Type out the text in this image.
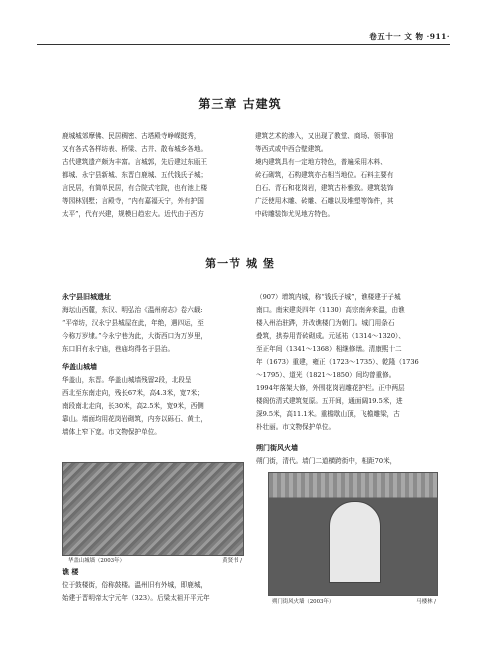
卷五十一 文 物 ·911·
第三章 古建筑
鹿城城郊摩佛、民居稠密、古塔殿寺峥嵘挺秀，
又有各式各样坊表、桥梁、古井、散布城乡各地。
古代建筑遗产颇为丰富。言城郭，先后建过东瓯王
都城、永宁县新城、东晋白鹿城、五代钱氏子城；
言民居，有简单民居，有合院式宅院，也有池上楼
等园林别墅；言殿寺，“内有嘉福天宁，外有护国
太平”，代有兴建，规模日趋宏大。近代由于西方
建筑艺术的渗入，又出现了教堂、商场、领事馆
等西式或中西合壁建筑。
境内建筑具有一定地方特色，普遍采用木料、
砖石砌筑，石构建筑亦占相当地位。石料主要有
白石、青石和花岗岩，建筑古朴雅致。建筑装饰
广泛使用木雕、砖雕、石雕以及堆塑等饰件，其
中砖雕装饰尤见地方特色。
第一节 城 堡
永宁县旧城遗址
海坛山西麓，东汉、明弘治《温州府志》卷六载:
“平帝坊，汉永宁县城屋在此，年绝，遇四运，至
今称万岁埭。”今永宁巷为此，大街西口为万岁里，
东口旧有永宁庙，巷庙均得名于县治。
华盖山城墙
华盖山，东晋。华盖山城墙残留2段，北段呈
西北至东南走向，残长67米，高4.3米，宽7米；
南段南北走向，长30米，高2.5米，宽9米，西侧
靠山。墙面均用花岗岩砌筑，内夯以砾石、黄土，
墙体上窄下宽。市文物保护单位。
华盖山城墙（2003年）	黄贤书 /
谯 楼
位于鼓楼街，俗称鼓楼。温州旧有外城，即鹿城，
始建于晋明帝太宁元年（323）。后梁太祖开平元年
（907）增筑内城，称“钱氏子城”，谯楼建于子城
南口。南宋建炎四年（1130）高宗南奔来温，由谯
楼入州治驻跸，并改谯楼门为朝门。城门用条石
叠筑，拱券用青砖砌成。元延祐（1314～1320）、
至正年间（1341～1368）相继修缮。清康熙十二
年（1673）重建，雍正（1723～1735）、乾隆（1736
～1795）、道光（1821～1850）间均曾重修。
1994年落架大修，外围花岗岩雕花护栏。正中两层
楼阁仿清式建筑复原。五开间，通面阔19.5米，进
深9.5米，高11.1米。重檐歇山顶，飞檐雕梁，古
朴壮丽。市文物保护单位。
朔门街风火墙
朔门街，清代。墙门二道横跨街中，相距70米，
朔门街风火墙（2003年）	马楼林 /
